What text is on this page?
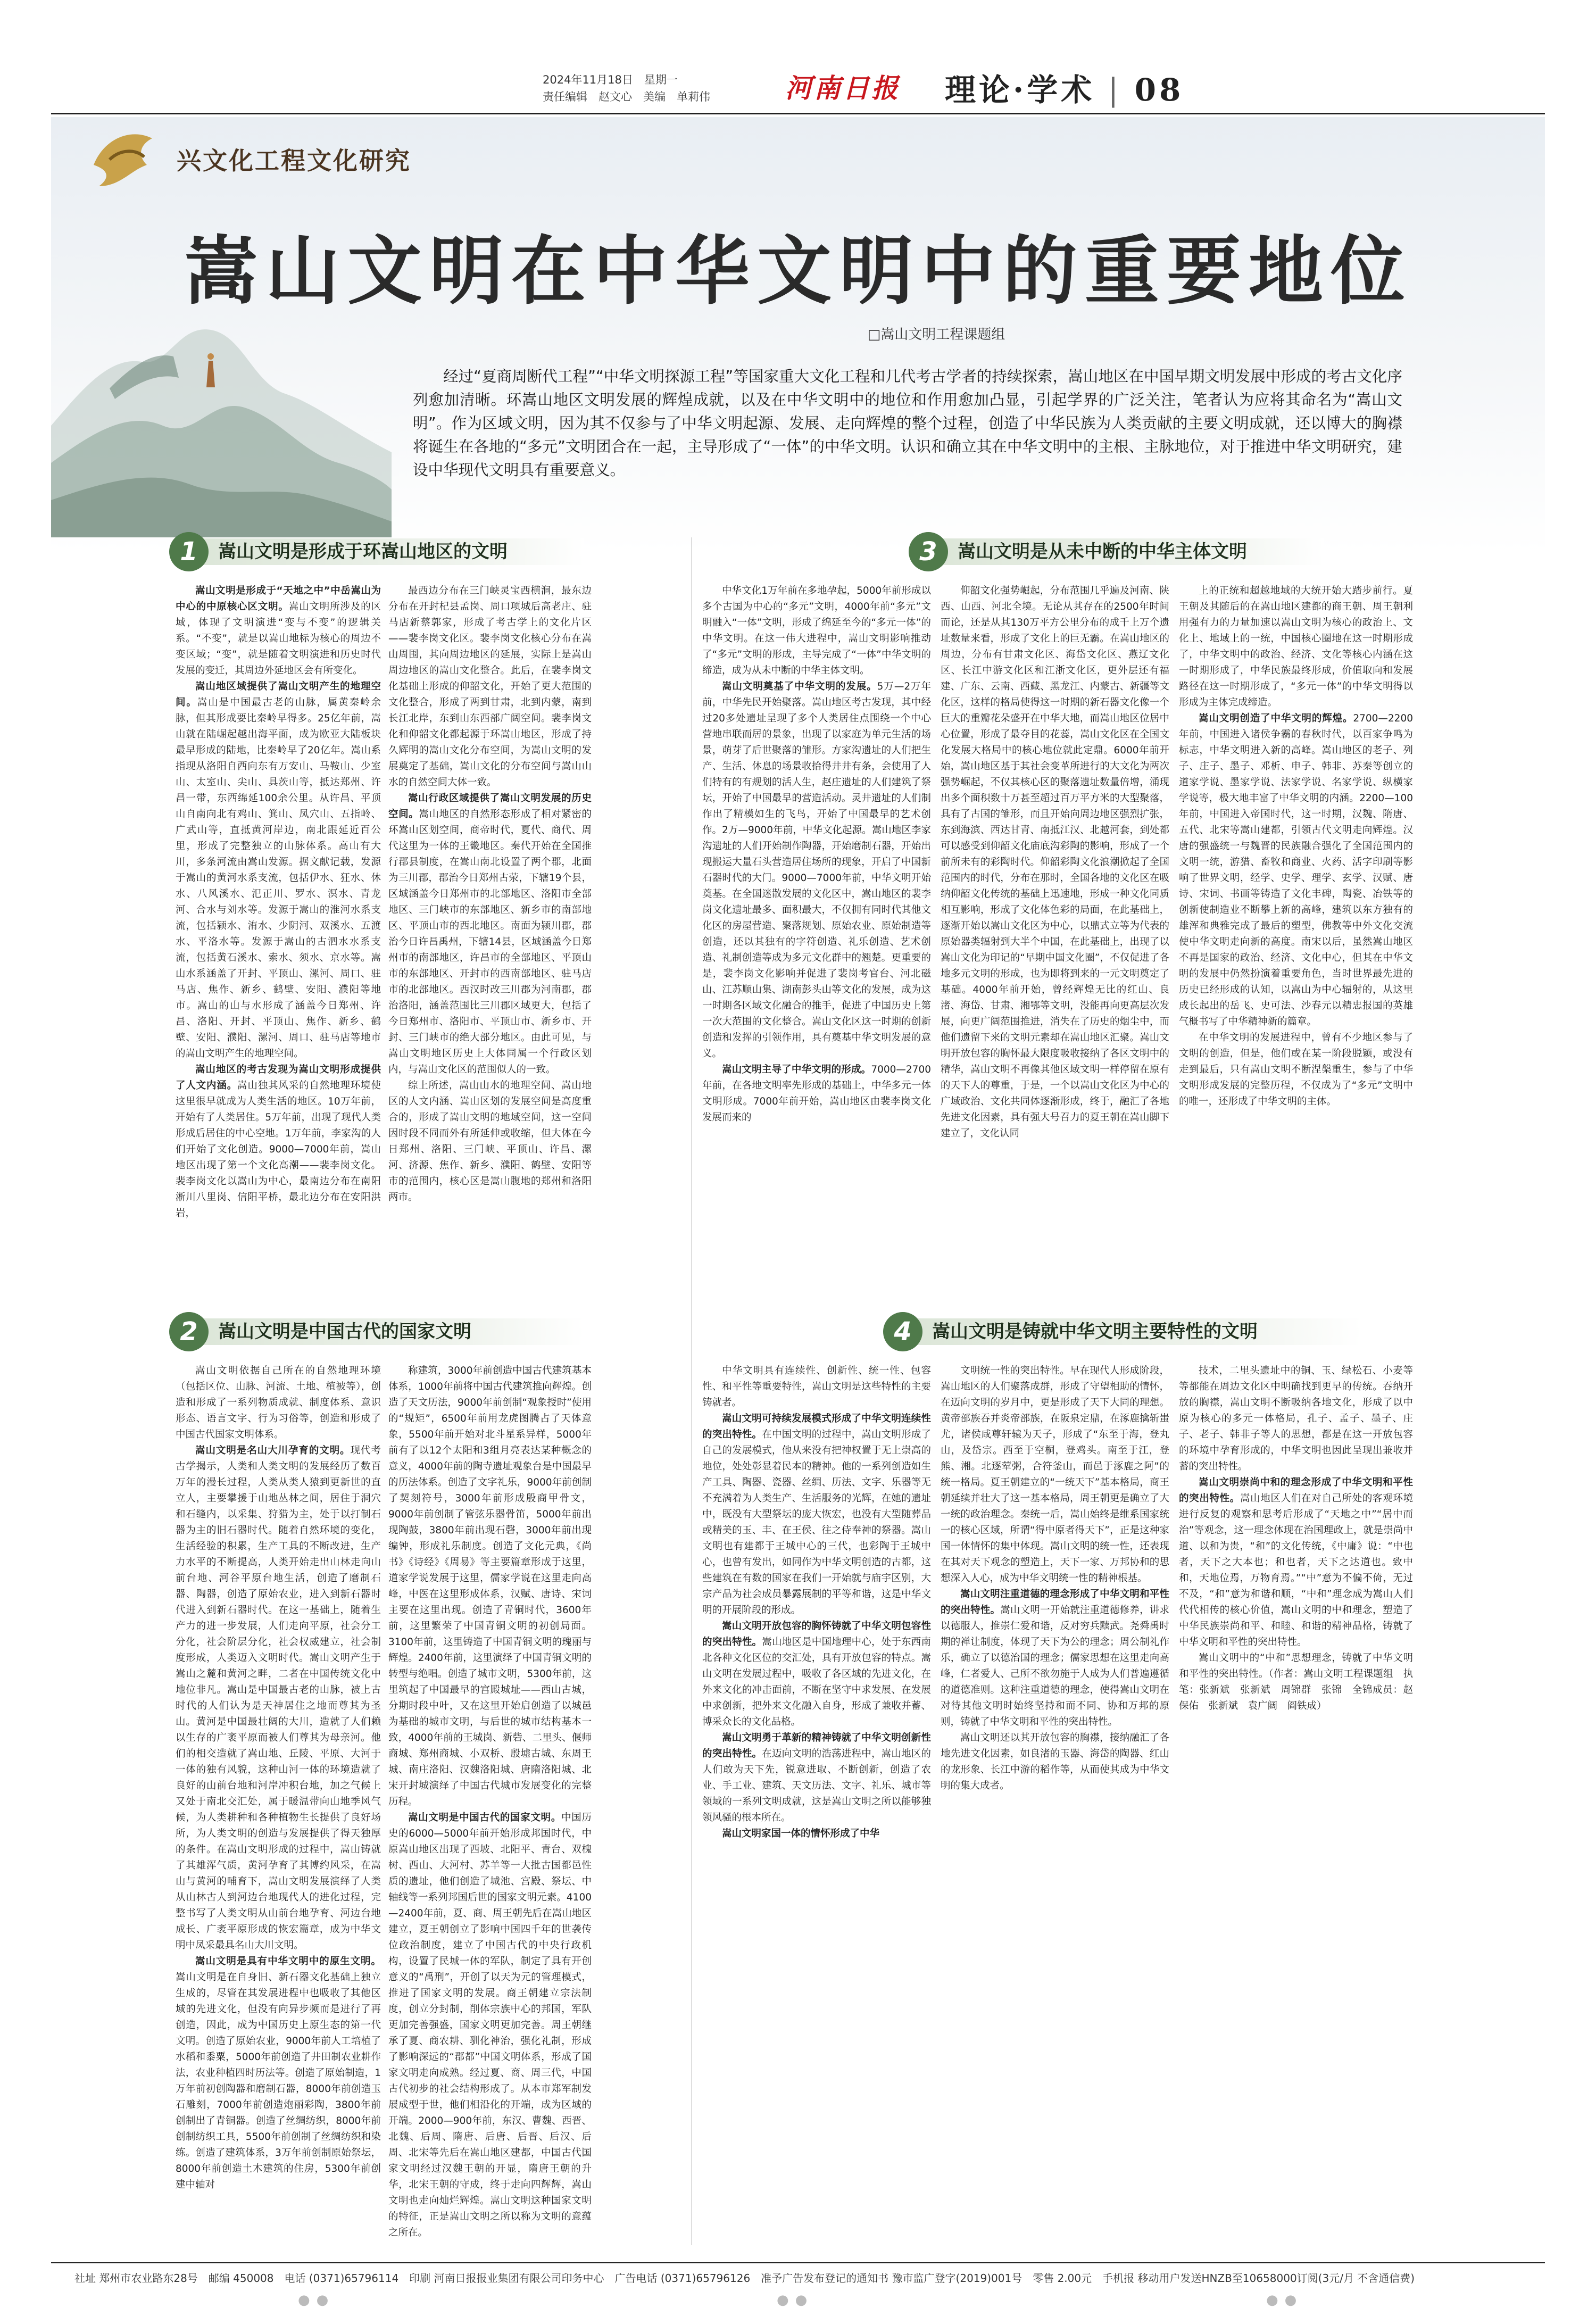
2024年11月18日　星期一
责任编辑　赵文心　美编　单莉伟	河南日报 理论·学术 | 08
兴文化工程文化研究
嵩山文明在中华文明中的重要地位
□嵩山文明工程课题组
经过“夏商周断代工程”“中华文明探源工程”等国家重大文化工程和几代考古学者的持续探索，嵩山地区在中国早期文明发展中形成的考古文化序列愈加清晰。环嵩山地区文明发展的辉煌成就，以及在中华文明中的地位和作用愈加凸显，引起学界的广泛关注，笔者认为应将其命名为“嵩山文明”。作为区域文明，因为其不仅参与了中华文明起源、发展、走向辉煌的整个过程，创造了中华民族为人类贡献的主要文明成就，还以博大的胸襟将诞生在各地的“多元”文明团合在一起，主导形成了“一体”的中华文明。认识和确立其在中华文明中的主根、主脉地位，对于推进中华文明研究，建设中华现代文明具有重要意义。
嵩山文明是形成于环嵩山地区的文明
1
嵩山文明是中国古代的国家文明
2
嵩山文明是从未中断的中华主体文明
3
嵩山文明是铸就中华文明主要特性的文明
4

嵩山文明是形成于“天地之中”中岳嵩山为中心的中原核心区文明。嵩山文明所涉及的区域，体现了文明演进“变与不变”的逻辑关系。“不变”，就是以嵩山地标为核心的周边不变区域；“变”，就是随着文明演进和历史时代发展的变迁，其周边外延地区会有所变化。

嵩山地区域提供了嵩山文明产生的地理空间。嵩山是中国最古老的山脉，属黄秦岭余脉，但其形成要比秦岭早得多。25亿年前，嵩山就在陆崛起越出海平面，成为欧亚大陆板块最早形成的陆地，比秦岭早了20亿年。嵩山系指现从洛阳自西向东有万安山、马鞍山、少室山、太室山、尖山、具茨山等，抵达郑州、许昌一带，东西绵延100余公里。从许昌、平顶山自南向北有鸡山、箕山、凤穴山、五指岭、广武山等，直抵黄河岸边，南北跟延近百公里，形成了完整独立的山脉体系。高山有大川，多条河流由嵩山发源。据文献记载，发源于嵩山的黄河水系支流，包括伊水、狂水、休水、八风溪水、汜正川、罗水、溟水、青龙河、合水与刘水等。发源于嵩山的淮河水系支流，包括颍水、洧水、少阴河、双溪水、五渡水、平洛水等。发源于嵩山的古泗水水系支流，包括黄石溪水、索水、须水、京水等。嵩山水系涵盖了开封、平顶山、漯河、周口、驻马店、焦作、新乡、鹤壁、安阳、濮阳等地市。嵩山的山与水形成了涵盖今日郑州、许昌、洛阳、开封、平顶山、焦作、新乡、鹤壁、安阳、濮阳、漯河、周口、驻马店等地市的嵩山文明产生的地理空间。

嵩山地区的考古发现为嵩山文明形成提供了人文内涵。嵩山独其风采的自然地理环境使这里很早就成为人类生活的地区。10万年前，开始有了人类居住。5万年前，出现了现代人类形成后居住的中心空地。1万年前，李家沟的人们开始了文化创造。9000—7000年前，嵩山地区出现了第一个文化高潮——裴李岗文化。裴李岗文化以嵩山为中心，最南边分布在南阳淅川八里岗、信阳平桥，最北边分布在安阳洪岩，

最西边分布在三门峡灵宝西横涧，最东边分布在开封杞县孟岗、周口项城后高老庄、驻马店新蔡郭家，形成了考古学上的文化片区——裴李岗文化区。裴李岗文化核心分布在嵩山周围，其向周边地区的延展，实际上是嵩山周边地区的嵩山文化整合。此后，在裴李岗文化基础上形成的仰韶文化，开始了更大范围的文化整合，形成了两到甘肃，北到内蒙，南到长江北岸，东到山东西部广阔空间。裴李岗文化和仰韶文化都起源于环嵩山地区，形成了持久辉明的嵩山文化分布空间，为嵩山文明的发展奠定了基础，嵩山文化的分布空间与嵩山山水的自然空间大体一致。

嵩山行政区域提供了嵩山文明发展的历史空间。嵩山地区的自然形态形成了相对紧密的环嵩山区划空间，商帝时代，夏代、商代、周代这里为一体的王畿地区。秦代开始在全国推行郡县制度，在嵩山南北设置了两个郡，北面为三川郡，郡治今日郑州古荥，下辖19个县，区域涵盖今日郑州市的北部地区、洛阳市全部地区、三门峡市的东部地区、新乡市的南部地区、平顶山市的西北地区。南面为颍川郡，郡治今日许昌禹州，下辖14县，区域涵盖今日郑州市的南部地区，许昌市的全部地区、平顶山市的东部地区、开封市的西南部地区、驻马店市的北部地区。西汉时改三川郡为河南郡，郡治洛阳，涵盖范围比三川郡区域更大，包括了今日郑州市、洛阳市、平顶山市、新乡市、开封、三门峡市的绝大部分地区。由此可见，与嵩山文明地区历史上大体同属一个行政区划内，与嵩山文化区的范围似人的一致。

综上所述，嵩山山水的地理空间、嵩山地区的人文内涵、嵩山区划的发展空间是高度重合的，形成了嵩山文明的地域空间，这一空间因时段不同而外有所延伸或收缩，但大体在今日郑州、洛阳、三门峡、平顶山、许昌、漯河、济源、焦作、新乡、濮阳、鹤壁、安阳等市的范围内，核心区是嵩山腹地的郑州和洛阳两市。

嵩山文明依据自己所在的自然地理环境（包括区位、山脉、河流、土地、植被等），创造和形成了一系列物质成就、制度体系、意识形态、语言文字、行为习俗等，创造和形成了中国古代国家文明体系。

嵩山文明是名山大川孕育的文明。现代考古学揭示，人类和人类文明的发展经历了数百万年的漫长过程，人类从类人猿到更新世的直立人，主要攀援于山地丛林之间，居住于洞穴和石缝内，以采集、狩猎为主，处于以打制石器为主的旧石器时代。随着自然环境的变化，生活经验的积累，生产工具的不断改进，生产力水平的不断提高，人类开始走出山林走向山前台地、河谷平原台地生活，创造了磨制石器、陶器，创造了原始农业，进入到新石器时代进入到新石器时代。在这一基础上，随着生产力的进一步发展，人们走向平原，社会分工分化，社会阶层分化，社会权威建立，社会制度形成，人类迈入文明时代。嵩山文明产生于嵩山之麓和黄河之畔，二者在中国传统文化中地位非凡。嵩山是中国最古老的山脉，被上古时代的人们认为是天神居住之地而尊其为圣山。黄河是中国最壮阔的大川，造就了人们赖以生存的广袤平原而被人们尊其为母亲河。他们的相交造就了嵩山地、丘陵、平原、大河于一体的独有风貌，这种山河一体的环境造就了良好的山前台地和河岸冲积台地，加之气候上又处于南北交汇处，属于暖温带向山地季风气候，为人类耕种和各种植物生长提供了良好场所，为人类文明的创造与发展提供了得天独厚的条件。在嵩山文明形成的过程中，嵩山铸就了其雄浑气质，黄河孕育了其博约风采，在嵩山与黄河的哺育下，嵩山文明发展演绎了人类从山林古人到河边台地现代人的进化过程，完整书写了人类文明从山前台地孕育、河边台地成长、广袤平原形成的恢宏篇章，成为中华文明中凤采最具名山大川文明。

嵩山文明是具有中华文明中的原生文明。嵩山文明是在自身旧、新石器文化基础上独立生成的，尽管在其发展进程中也吸收了其他区域的先进文化，但没有向异步频而是进行了再创造，因此，成为中国历史上原生态的第一代文明。创造了原始农业，9000年前人工培植了水稻和黍粟，5000年前创造了井田制农业耕作法，农业种植四时历法等。创造了原始制造，1万年前初创陶器和磨制石器，8000年前创造玉石雕刻，7000年前创造炮丽彩陶，3800年前创制出了青铜器。创造了丝绸纺织，8000年前创制纺织工具，5500年前创制了丝绸纺织和染练。创造了建筑体系，3万年前创制原始祭坛，8000年前创造土木建筑的住房，5300年前创建中轴对

称建筑，3000年前创造中国古代建筑基本体系，1000年前将中国古代建筑推向辉煌。创造了天文历法，9000年前创制“观象授时”使用的“规矩”，6500年前用龙虎图腾占了天体意象，5500年前开始对北斗星系异样，5000年前有了以12个太阳和3组月亮表达某种概念的意义，4000年前的陶寺遗址观象台是中国最早的历法体系。创造了文字礼乐，9000年前创制了契刻符号，3000年前形成殷商甲骨文，9000年前创制了管弦乐器骨笛，5000年前出现陶鼓，3800年前出现石磬，3000年前出现编钟，形成礼乐制度。创造了文化元典，《尚书》《诗经》《周易》等主要篇章形成于这里，道家学说发展于这里，儒家学说在这里走向高峰，中医在这里形成体系，汉赋、唐诗、宋词主要在这里出现。创造了青铜时代，3600年前，这里繁荣了中国青铜文明的初创局面。3100年前，这里铸造了中国青铜文明的瑰丽与辉煌。2400年前，这里演绎了中国青铜文明的转型与绝唱。创造了城市文明，5300年前，这里筑起了中国最早的宫殿城址——西山古城，分期时段中叶，又在这里开始启创造了以城邑为基础的城市文明，与后世的城市结构基本一致，4000年前的王城岗、新砦、二里头、偃师商城、郑州商城、小双桥、殷墟古城、东周王城、南庄洛阳、汉魏洛阳城、唐隋洛阳城、北宋开封城演绎了中国古代城市发展变化的完整历程。

嵩山文明是中国古代的国家文明。中国历史的6000—5000年前开始形成邦国时代，中原嵩山地区出现了西坡、北阳平、青台、双槐树、西山、大河村、苏羊等一大批古国都邑性质的遗址，他们创造了城池、宫殿、祭坛、中轴线等一系列邦国后世的国家文明元素。4100—2400年前，夏、商、周王朝先后在嵩山地区建立，夏王朝创立了影响中国四千年的世袭传位政治制度，建立了中国古代的中央行政机构，设置了民城一体的军队，制定了具有开创意义的“禹刑”，开创了以天为元的管理模式，推进了国家文明的发展。商王朝建立宗法制度，创立分封制，削体宗族中心的邦国，军队更加完善强盛，国家文明更加完善。周王朝继承了夏、商农耕、驯化神治，强化礼制，形成了影响深远的“郡都”中国文明体系，形成了国家文明走向成熟。经过夏、商、周三代，中国古代初步的社会结构形成了。从本市郑军制发展成型于世，他们相沿化的开端，成为区域的开端。2000—900年前，东汉、曹魏、西晋、北魏、后周、隋唐、后唐、后晋、后汉、后周、北宋等先后在嵩山地区建都，中国古代国家文明经过汉魏王朝的开显，隋唐王朝的升华，北宋王朝的守成，终于走向四辉辉，嵩山文明也走向灿烂辉煌。嵩山文明这种国家文明的特征，正是嵩山文明之所以称为文明的意蕴之所在。

中华文化1万年前在多地孕起，5000年前形成以多个古国为中心的“多元”文明，4000年前“多元”文明融入“一体”文明，形成了绵延至今的“多元一体”的中华文明。在这一伟大进程中，嵩山文明影响推动了“多元”文明的形成，主导完成了“一体”中华文明的缔造，成为从未中断的中华主体文明。

嵩山文明奠基了中华文明的发展。5万—2万年前，中华先民开始聚落。嵩山地区考古发现，其中经过20多处遗址呈现了多个人类居住点围绕一个中心营地串联而居的景象，出现了以家庭为单元生活的场景，萌芽了后世聚落的雏形。方家沟遗址的人们把生产、生活、休息的场景收拾得井井有条，会使用了人们特有的有规划的活人生，赵庄遗址的人们建筑了祭坛，开始了中国最早的营造活动。灵井遗址的人们制作出了精模如生的飞鸟，开始了中国最早的艺术创作。2万—9000年前，中华文化起源。嵩山地区李家沟遗址的人们开始制作陶器，开始磨制石器，开始出现搬运大量石头营造居住场所的现象，开启了中国新石器时代的大门。9000—7000年前，中华文明开始奠基。在全国迷散发展的文化区中，嵩山地区的裴李岗文化遗址最多、面积最大，不仅拥有同时代其他文化区的房屋营造、聚落规划、原始农业、原始制造等创造，还以其独有的字符创造、礼乐创造、艺术创造、礼制创造等成为多元文化群中的翘楚。更重要的是，裴李岗文化影响并促进了裴岗考官台、河北磁山、江苏顺山集、湖南彭头山等文化的发展，成为这一时期各区域文化融合的推手，促进了中国历史上第一次大范围的文化整合。嵩山文化区这一时期的创新创造和发挥的引领作用，具有奠基中华文明发展的意义。

嵩山文明主导了中华文明的形成。7000—2700年前，在各地文明率先形成的基础上，中华多元一体文明形成。7000年前开始，嵩山地区由裴李岗文化发展而来的

仰韶文化强势崛起，分布范围几乎遍及河南、陕西、山西、河北全境。无论从其存在的2500年时间而论，还是从其130万平方公里分布的成千上万个遗址数量来看，形成了文化上的巨无霸。在嵩山地区的周边，分布有甘肃文化区、海岱文化区、燕辽文化区、长江中游文化区和江浙文化区，更外层还有福建、广东、云南、西藏、黑龙江、内蒙古、新疆等文化区，这样的格局使得这一时期的新石器文化像一个巨大的重瓣花朵盛开在中华大地，而嵩山地区位居中心位置，形成了最夺目的花蕊，嵩山文化区在全国文化发展大格局中的核心地位就此定鼎。6000年前开始，嵩山地区基于其社会变革所进行的大文化为两次强势崛起，不仅其核心区的聚落遗址数量倍增，涌现出多个面积数十万甚至超过百万平方米的大型聚落，具有了古国的雏形，而且开始向周边地区强烈扩张，东到海滨、西达甘青、南抵江汉、北越河套，到处都可以感受到仰韶文化庙底沟彩陶的影响，形成了一个前所未有的彩陶时代。仰韶彩陶文化浪潮掀起了全国范围内的时代，分布在那时，全国各地的文化区在吸纳仰韶文化传统的基础上迅速地，形成一种文化同质相互影响，形成了文化体色彩的局面，在此基础上，逐渐开始以嵩山文化区为中心，以鼎式立等为代表的原始器类辐射到大半个中国，在此基础上，出现了以嵩山文化为印记的“早期中国文化圈”，不仅促进了各地多元文明的形成，也为即将到来的一元文明奠定了基础。4000年前开始，曾经辉煌无比的红山、良渚、海岱、甘肃、湘鄂等文明，没能再向更高层次发展，向更广阔范围推进，消失在了历史的烟尘中，而他们遗留下来的文明元素却在嵩山地区汇聚。嵩山文明开放包容的胸怀最大限度吸收接纳了各区文明中的精华，嵩山文明不再像其他区域文明一样停留在原有的天下人的尊重，于是，一个以嵩山文化区为中心的广域政治、文化共同体逐渐形成，终于，融汇了各地先进文化因素，具有强大号召力的夏王朝在嵩山脚下建立了，文化认同

上的正统和超越地域的大统开始大踏步前行。夏王朝及其随后的在嵩山地区建都的商王朝、周王朝利用强有力的力量加速以嵩山文明为核心的政治上、文化上、地域上的一统，中国核心圈地在这一时期形成了，中华文明中的政治、经济、文化等核心内涵在这一时期形成了，中华民族最终形成，价值取向和发展路径在这一时期形成了，“多元一体”的中华文明得以形成为主体完成缔造。

嵩山文明创造了中华文明的辉煌。2700—2200年前，中国进入诸侯争霸的春秋时代，以百家争鸣为标志，中华文明进入新的高峰。嵩山地区的老子、列子、庄子、墨子、邓析、申子、韩非、苏秦等创立的道家学说、墨家学说、法家学说、名家学说、纵横家学说等，极大地丰富了中华文明的内涵。2200—100年前，中国进入帝国时代，这一时期，汉魏、隋唐、五代、北宋等嵩山建都，引领古代文明走向辉煌。汉唐的强盛统一与魏晋的民族融合强化了全国范围内的文明一统，游猎、畜牧和商业、火药、活字印刷等影响了世界文明，经学、史学、理学、玄学、汉赋、唐诗、宋词、书画等铸造了文化丰碑，陶瓷、冶铁等的创新使制造业不断攀上新的高峰，建筑以东方独有的雄浑和典雅完成了最后的塑型，佛教等中外文化交流使中华文明走向新的高度。南宋以后，虽然嵩山地区不再是国家的政治、经济、文化中心，但其在中华文明的发展中仍然扮演着重要角色，当时世界最先进的历史已经形成的认知，以嵩山为中心辐射的，从这里成长起出的岳飞、史可法、沙春元以精忠报国的英雄气概书写了中华精神新的篇章。

在中华文明的发展进程中，曾有不少地区参与了文明的创造，但是，他们或在某一阶段脱颖，或没有走到最后，只有嵩山文明不断涅槃重生，参与了中华文明形成发展的完整历程，不仅成为了“多元”文明中的唯一，还形成了中华文明的主体。

中华文明具有连续性、创新性、统一性、包容性、和平性等重要特性，嵩山文明是这些特性的主要铸就者。

嵩山文明可持续发展模式形成了中华文明连续性的突出特性。在中国文明的过程中，嵩山文明形成了自己的发展模式，他从来没有把神权置于无上崇高的地位，处处彰显着民本的精神。他的一系列创造如生产工具、陶器、瓷器、丝绸、历法、文字、乐器等无不充满着为人类生产、生活服务的光辉，在她的遗址中，既没有大型祭坛的庞大恢宏，也没有大型随葬品或精美的玉、丰、在王侯、往之侍奉神的祭器。嵩山文明也有建都于王城中心的三代，也彩陶于王城中心，也曾有发出，如同作为中华文明创造的古都，这些建筑在有数的国家在我们一开始就与庙宇区别，大宗产品为社会成员暴露展制的平等和谐，这是中华文明的开展阶段的形成。

嵩山文明开放包容的胸怀铸就了中华文明包容性的突出特性。嵩山地区是中国地理中心，处于东西南北各种文化区位的交汇处，具有开放包容的特点。嵩山文明在发展过程中，吸收了各区域的先进文化，在外来文化的冲击面前，不断在坚守中求发展、在发展中求创新，把外来文化融入自身，形成了兼收并蓄、博采众长的文化品格。

嵩山文明勇于革新的精神铸就了中华文明创新性的突出特性。在迈向文明的浩荡进程中，嵩山地区的人们敢为天下先，锐意进取、不断创新，创造了农业、手工业、建筑、天文历法、文字、礼乐、城市等领域的一系列文明成就，这是嵩山文明之所以能够独领风骚的根本所在。

嵩山文明家国一体的情怀形成了中华

文明统一性的突出特性。早在现代人形成阶段，嵩山地区的人们聚落成群，形成了守望相助的情怀，在迈向文明的岁月中，更是形成了天下大同的理想。黄帝部族吞并炎帝部族，在阪泉定鼎，在涿鹿擒斩蚩尤，诸侯咸尊轩辕为天子，形成了“东至于海，登丸山，及岱宗。西至于空桐，登鸡头。南至于江，登熊、湘。北逐荤粥，合符釜山，而邑于涿鹿之阿”的统一格局。夏王朝建立的“一统天下”基本格局，商王朝延续并壮大了这一基本格局，周王朝更是确立了大一统的政治理念。秦统一后，嵩山始终是维系国家统一的核心区域，所谓“得中原者得天下”，正是这种家国一体情怀的集中体现。嵩山文明的统一性，还表现在其对天下观念的塑造上，天下一家、万邦协和的思想深入人心，成为中华文明统一性的精神根基。

嵩山文明注重道德的理念形成了中华文明和平性的突出特性。嵩山文明一开始就注重道德修养，讲求以德服人，推崇仁爱和谐，反对穷兵黩武。尧舜禹时期的禅让制度，体现了天下为公的理念；周公制礼作乐，确立了以德治国的理念；儒家思想在这里走向高峰，仁者爱人、己所不欲勿施于人成为人们普遍遵循的道德准则。这种注重道德的理念，使得嵩山文明在对待其他文明时始终坚持和而不同、协和万邦的原则，铸就了中华文明和平性的突出特性。

嵩山文明还以其开放包容的胸襟，接纳融汇了各地先进文化因素，如良渚的玉器、海岱的陶器、红山的龙形象、长江中游的稻作等，从而使其成为中华文明的集大成者。

技术，二里头遗址中的铜、玉、绿松石、小麦等等都能在周边文化区中明确找到更早的传统。吞纳开放的胸襟，嵩山文明不断吸纳各地文化，形成了以中原为核心的多元一体格局，孔子、孟子、墨子、庄子、老子、韩非子等人的思想，都是在这一开放包容的环境中孕育形成的，中华文明也因此呈现出兼收并蓄的突出特性。

嵩山文明崇尚中和的理念形成了中华文明和平性的突出特性。嵩山地区人们在对自己所处的客观环境进行反复的观察和思考后形成了“天地之中”“居中而治”等观念，这一理念体现在治国理政上，就是崇尚中道、以和为贵，“和”的文化传统，《中庸》说：“中也者，天下之大本也；和也者，天下之达道也。致中和，天地位焉，万物育焉。”“中”意为不偏不倚，无过不及，“和”意为和谐和顺，“中和”理念成为嵩山人们代代相传的核心价值，嵩山文明的中和理念，塑造了中华民族崇尚和平、和睦、和谐的精神品格，铸就了中华文明和平性的突出特性。

嵩山文明中的“中和”思想理念，铸就了中华文明和平性的突出特性。（作者：嵩山文明工程课题组　执笔：张新斌　张新斌　周锦群　张锦　全锦成员：赵保佑　张新斌　袁广阔　阎铁成）

社址 郑州市农业路东28号　邮编 450008　电话 (0371)65796114　印刷 河南日报报业集团有限公司印务中心　广告电话 (0371)65796126　准予广告发布登记的通知书 豫市监广登字(2019)001号　零售 2.00元　手机报 移动用户发送HNZB至10658000订阅(3元/月 不含通信费)
●●	●●	●●
